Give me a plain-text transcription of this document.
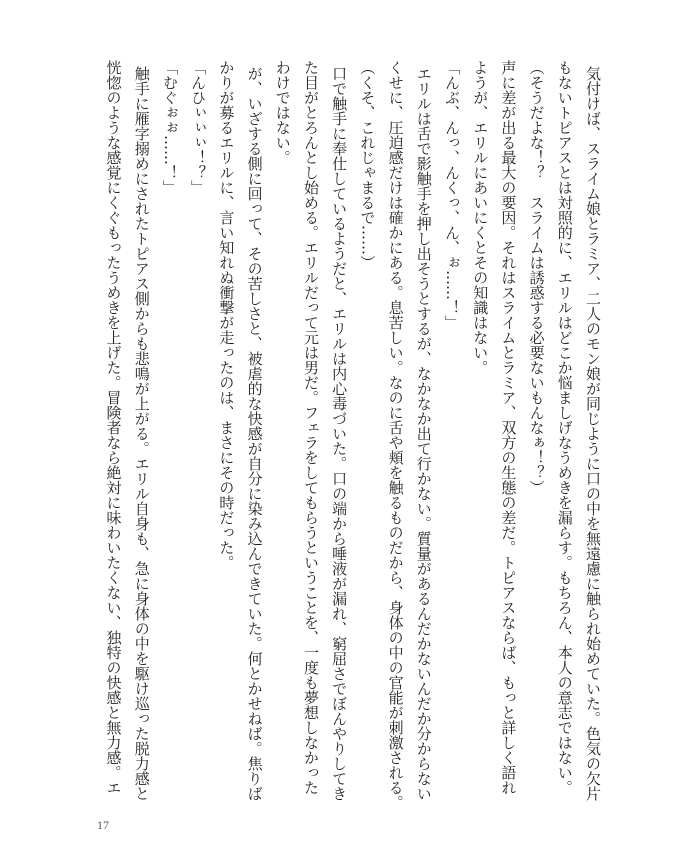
気付けば、スライム娘とラミア、二人のモン娘が同じように口の中を無遠慮に触られ始めていた。色気の欠片
もないトピアスとは対照的に、エリルはどこか悩ましげなうめきを漏らす。もちろん、本人の意志ではない。
（そうだよな！？　スライムは誘惑する必要ないもんなぁ！？）
声に差が出る最大の要因。それはスライムとラミア、双方の生態の差だ。トピアスならば、もっと詳しく語れ
ようが、エリルにあいにくとその知識はない。
「んぶ、んっ、んくっ、ん、ぉ……！」
エリルは舌で影触手を押し出そうとするが、なかなか出て行かない。質量があるんだかないんだか分からない
くせに、圧迫感だけは確かにある。息苦しい。なのに舌や頬を触るものだから、身体の中の官能が刺激される。
（くそ、これじゃまるで……）
口で触手に奉仕しているようだと、エリルは内心毒づいた。口の端から唾液が漏れ、窮屈さでぼんやりしてき
た目がとろんとし始める。エリルだって元は男だ。フェラをしてもらうということを、一度も夢想しなかった
わけではない。
が、いざする側に回って、その苦しさと、被虐的な快感が自分に染み込んできていた。何とかせねば。焦りば
かりが募るエリルに、言い知れぬ衝撃が走ったのは、まさにその時だった。
「んひぃぃぃ！？」
「むぐぉぉ……！」
触手に雁字搦めにされたトピアス側からも悲鳴が上がる。エリル自身も、急に身体の中を駆け巡った脱力感と
恍惚のような感覚にくぐもったうめきを上げた。冒険者なら絶対に味わいたくない、独特の快感と無力感。エ
17
